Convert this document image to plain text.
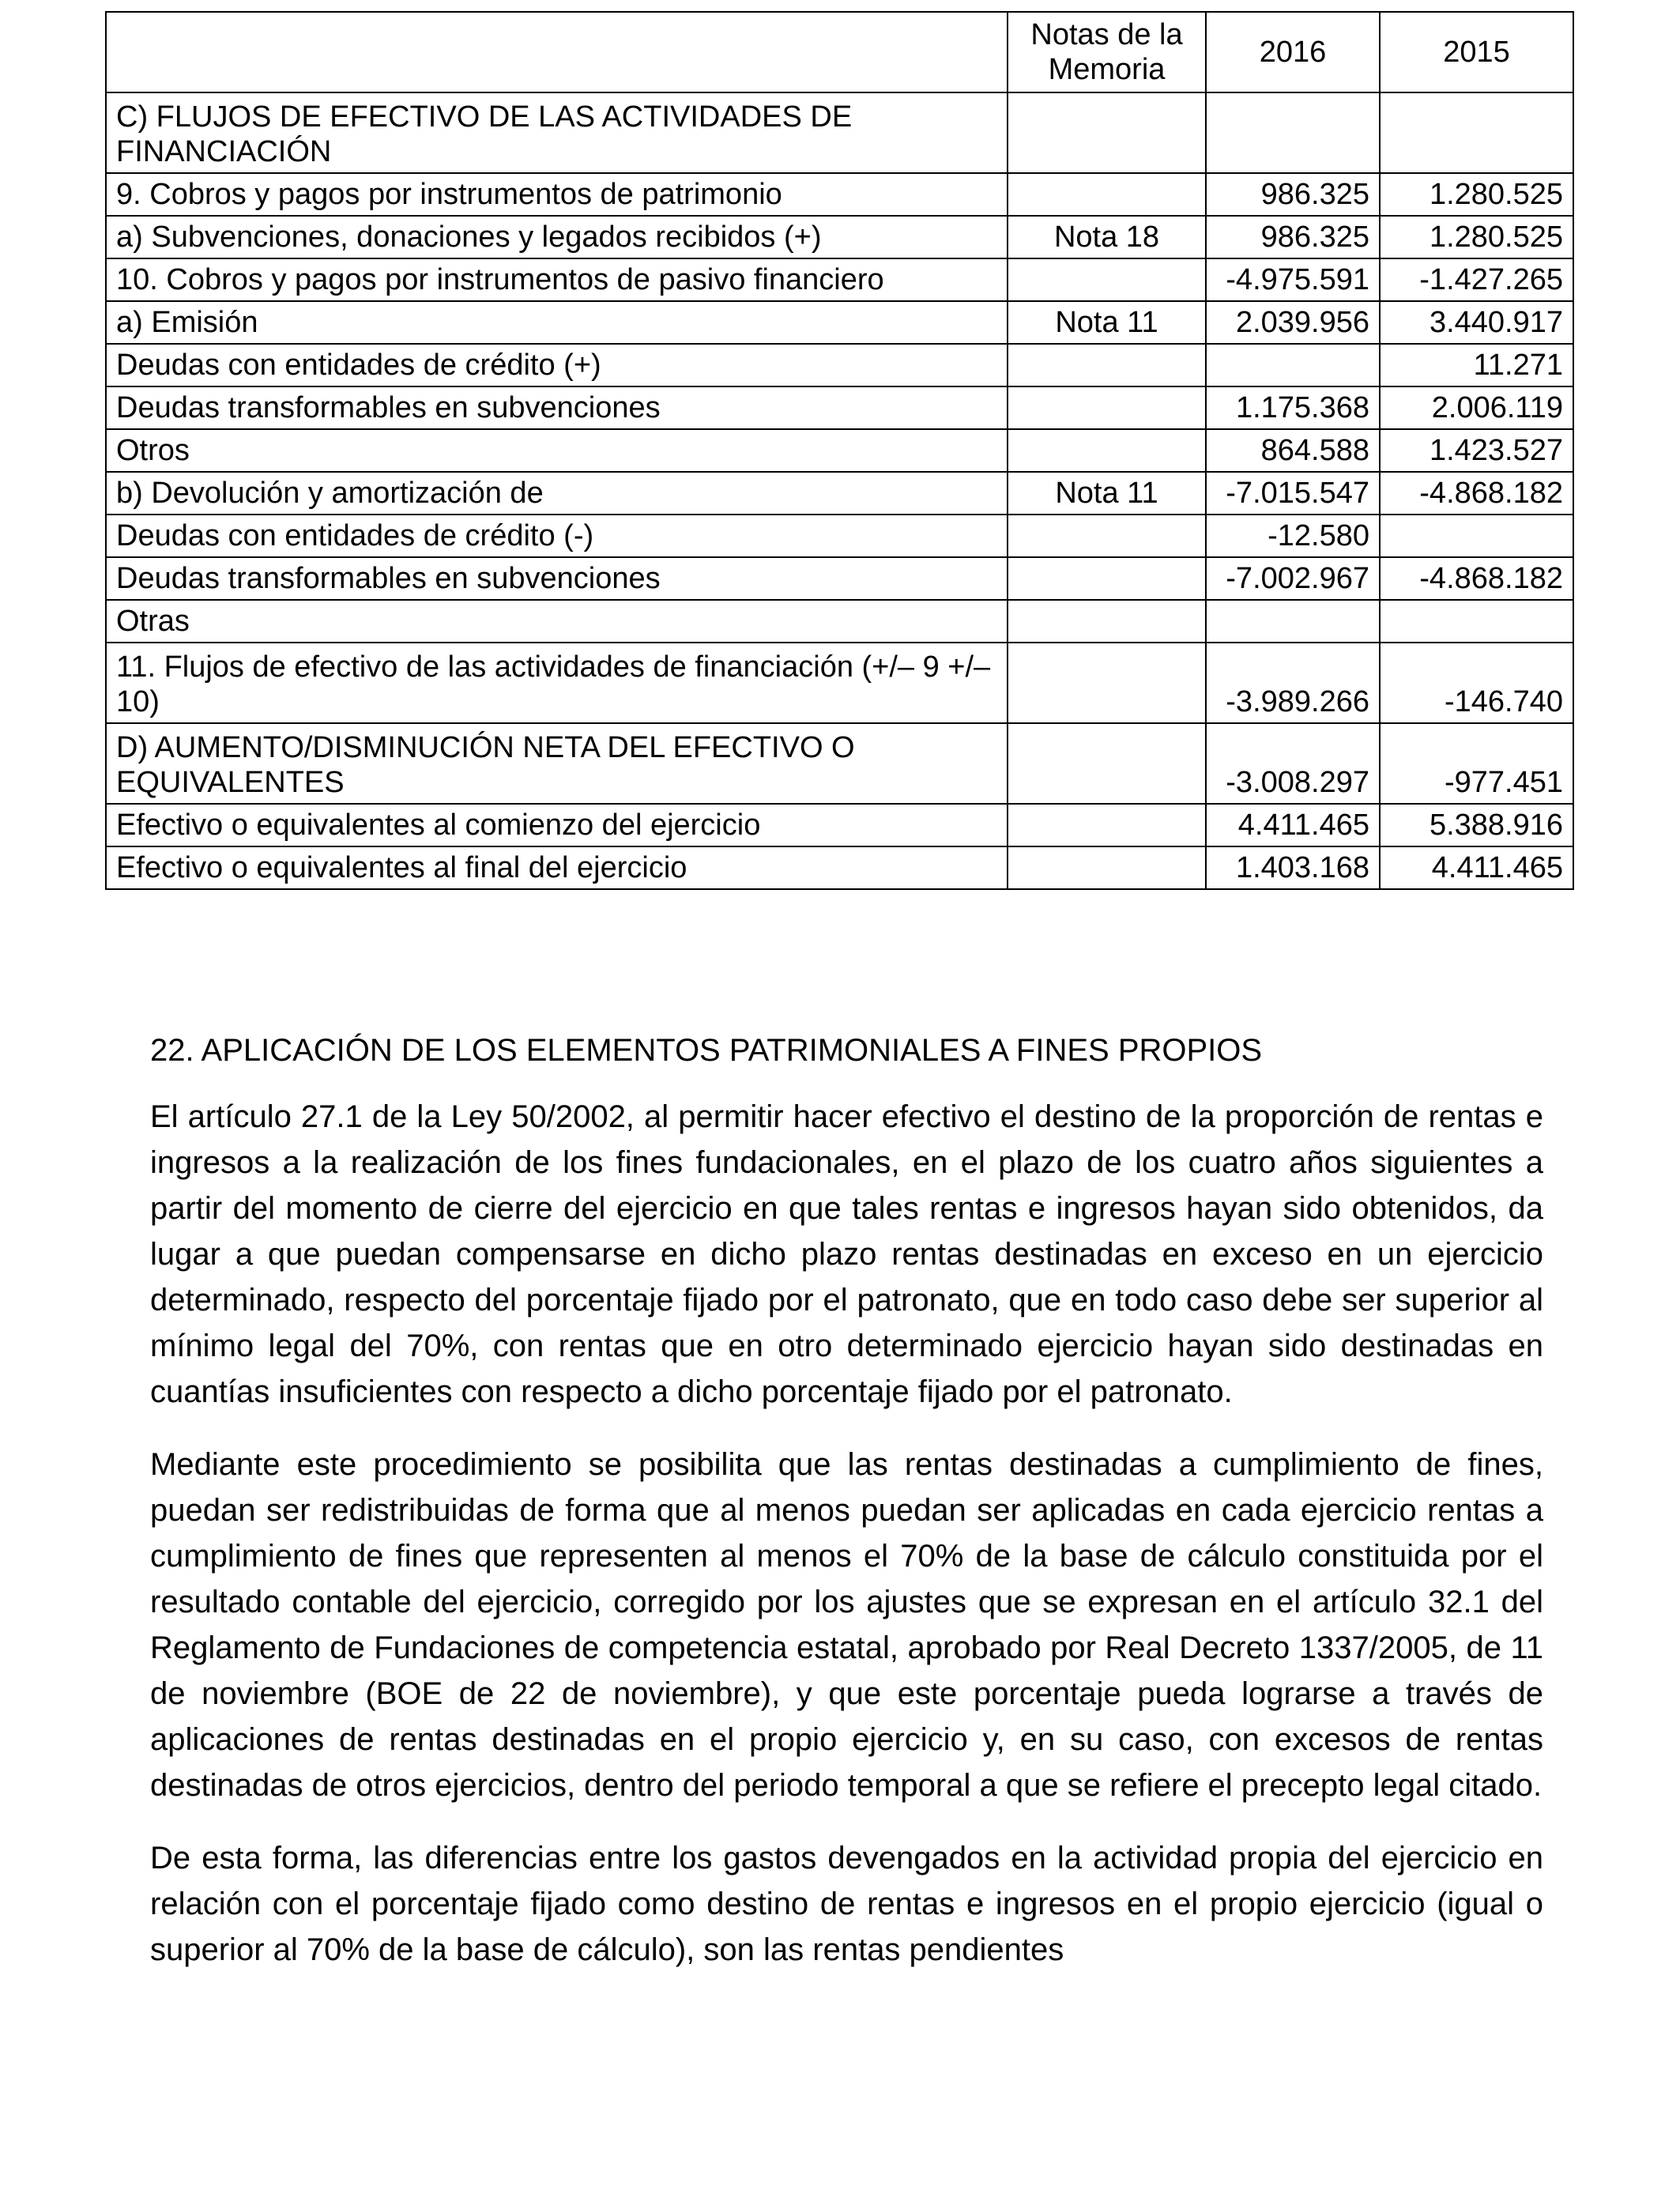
	Notas de la Memoria	2016	2015
C) FLUJOS DE EFECTIVO DE LAS ACTIVIDADES DE FINANCIACIÓN			
9. Cobros y pagos por instrumentos de patrimonio		986.325	1.280.525
a) Subvenciones, donaciones y legados recibidos (+)	Nota 18	986.325	1.280.525
10. Cobros y pagos por instrumentos de pasivo financiero		-4.975.591	-1.427.265
a) Emisión	Nota 11	2.039.956	3.440.917
Deudas con entidades de crédito (+)			11.271
Deudas transformables en subvenciones		1.175.368	2.006.119
Otros		864.588	1.423.527
b) Devolución y amortización de	Nota 11	-7.015.547	-4.868.182
Deudas con entidades de crédito (-)		-12.580	
Deudas transformables en subvenciones		-7.002.967	-4.868.182
Otras			
11. Flujos de efectivo de las actividades de financiación (+/– 9 +/– 10)		-3.989.266	-146.740
D) AUMENTO/DISMINUCIÓN NETA DEL EFECTIVO O EQUIVALENTES		-3.008.297	-977.451
Efectivo o equivalentes al comienzo del ejercicio		4.411.465	5.388.916
Efectivo o equivalentes al final del ejercicio		1.403.168	4.411.465
22. APLICACIÓN DE LOS ELEMENTOS PATRIMONIALES A FINES PROPIOS

El artículo 27.1 de la Ley 50/2002, al permitir hacer efectivo el destino de la proporción de rentas e ingresos a la realización de los fines fundacionales, en el plazo de los cuatro años siguientes a partir del momento de cierre del ejercicio en que tales rentas e ingresos hayan sido obtenidos, da lugar a que puedan compensarse en dicho plazo rentas destinadas en exceso en un ejercicio determinado, respecto del porcentaje fijado por el patronato, que en todo caso debe ser superior al mínimo legal del 70%, con rentas que en otro determinado ejercicio hayan sido destinadas en cuantías insuficientes con respecto a dicho porcentaje fijado por el patronato.

Mediante este procedimiento se posibilita que las rentas destinadas a cumplimiento de fines, puedan ser redistribuidas de forma que al menos puedan ser aplicadas en cada ejercicio rentas a cumplimiento de fines que representen al menos el 70% de la base de cálculo constituida por el resultado contable del ejercicio, corregido por los ajustes que se expresan en el artículo 32.1 del Reglamento de Fundaciones de competencia estatal, aprobado por Real Decreto 1337/2005, de 11 de noviembre (BOE de 22 de noviembre), y que este porcentaje pueda lograrse a través de aplicaciones de rentas destinadas en el propio ejercicio y, en su caso, con excesos de rentas destinadas de otros ejercicios, dentro del periodo temporal a que se refiere el precepto legal citado.

De esta forma, las diferencias entre los gastos devengados en la actividad propia del ejercicio en relación con el porcentaje fijado como destino de rentas e ingresos en el propio ejercicio (igual o superior al 70% de la base de cálculo), son las rentas pendientes
